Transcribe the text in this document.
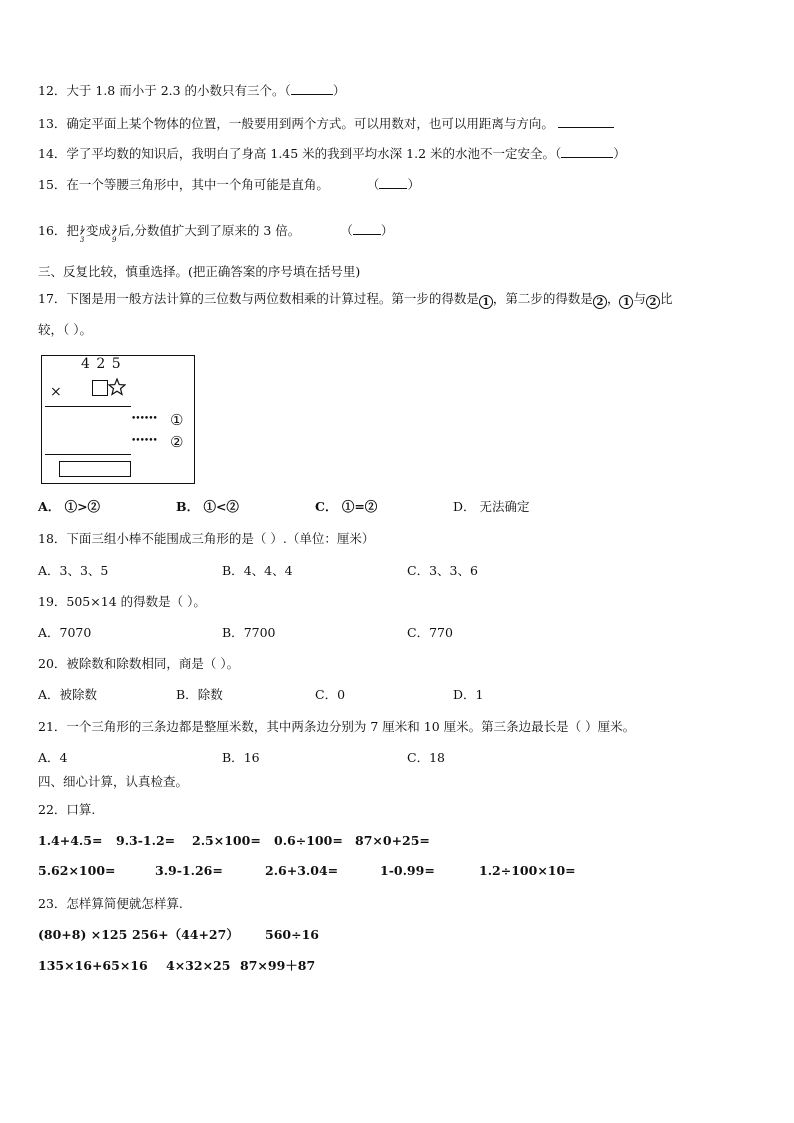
12．大于 1.8 而小于 2.3 的小数只有三个。（	）
13．确定平面上某个物体的位置，一般要用到两个方式。可以用数对，也可以用距离与方向。
14．学了平均数的知识后，我明白了身高 1.45 米的我到平均水深 1.2 米的水池不一定安全。（	）
15．在一个等腰三角形中，其中一个角可能是直角。	（ ）
16．把 1
3
变成 3
9
后,分数值扩大到了原来的 3 倍。	（ ）
三、反复比较，慎重选择。(把正确答案的序号填在括号里)
17．下图是用一般方法计算的三位数与两位数相乘的计算过程。第一步的得数是 1 ，第二步的得数是 2 ， 1 与 2 比
较，（ ）。
4 2 5
×
•••••• ①
•••••• ②
A． ①>②	B． ①<②	C． ①=②	D． 无法确定
18．下面三组小棒不能围成三角形的是（ ）.（单位：厘米）
A．3、3、5	B．4、4、4	C．3、3、6
19．505×14 的得数是（ ）。
A．7070	B．7700	C．770
20．被除数和除数相同，商是（ ）。
A．被除数	B．除数	C．0	D．1
21．一个三角形的三条边都是整厘米数，其中两条边分别为 7 厘米和 10 厘米。第三条边最长是（ ）厘米。
A．4	B．16	C．18
四、细心计算，认真检查。
22．口算.
1.4+4.5= 9.3-1.2= 2.5×100= 0.6÷100= 87×0+25=
5.62×100=	3.9-1.26=	2.6+3.04=	1-0.99=	1.2÷100×10=
23．怎样算简便就怎样算.
(80+8) ×125 256+（44+27） 560÷16
135×16+65×16 4×32×25 87×99＋87
